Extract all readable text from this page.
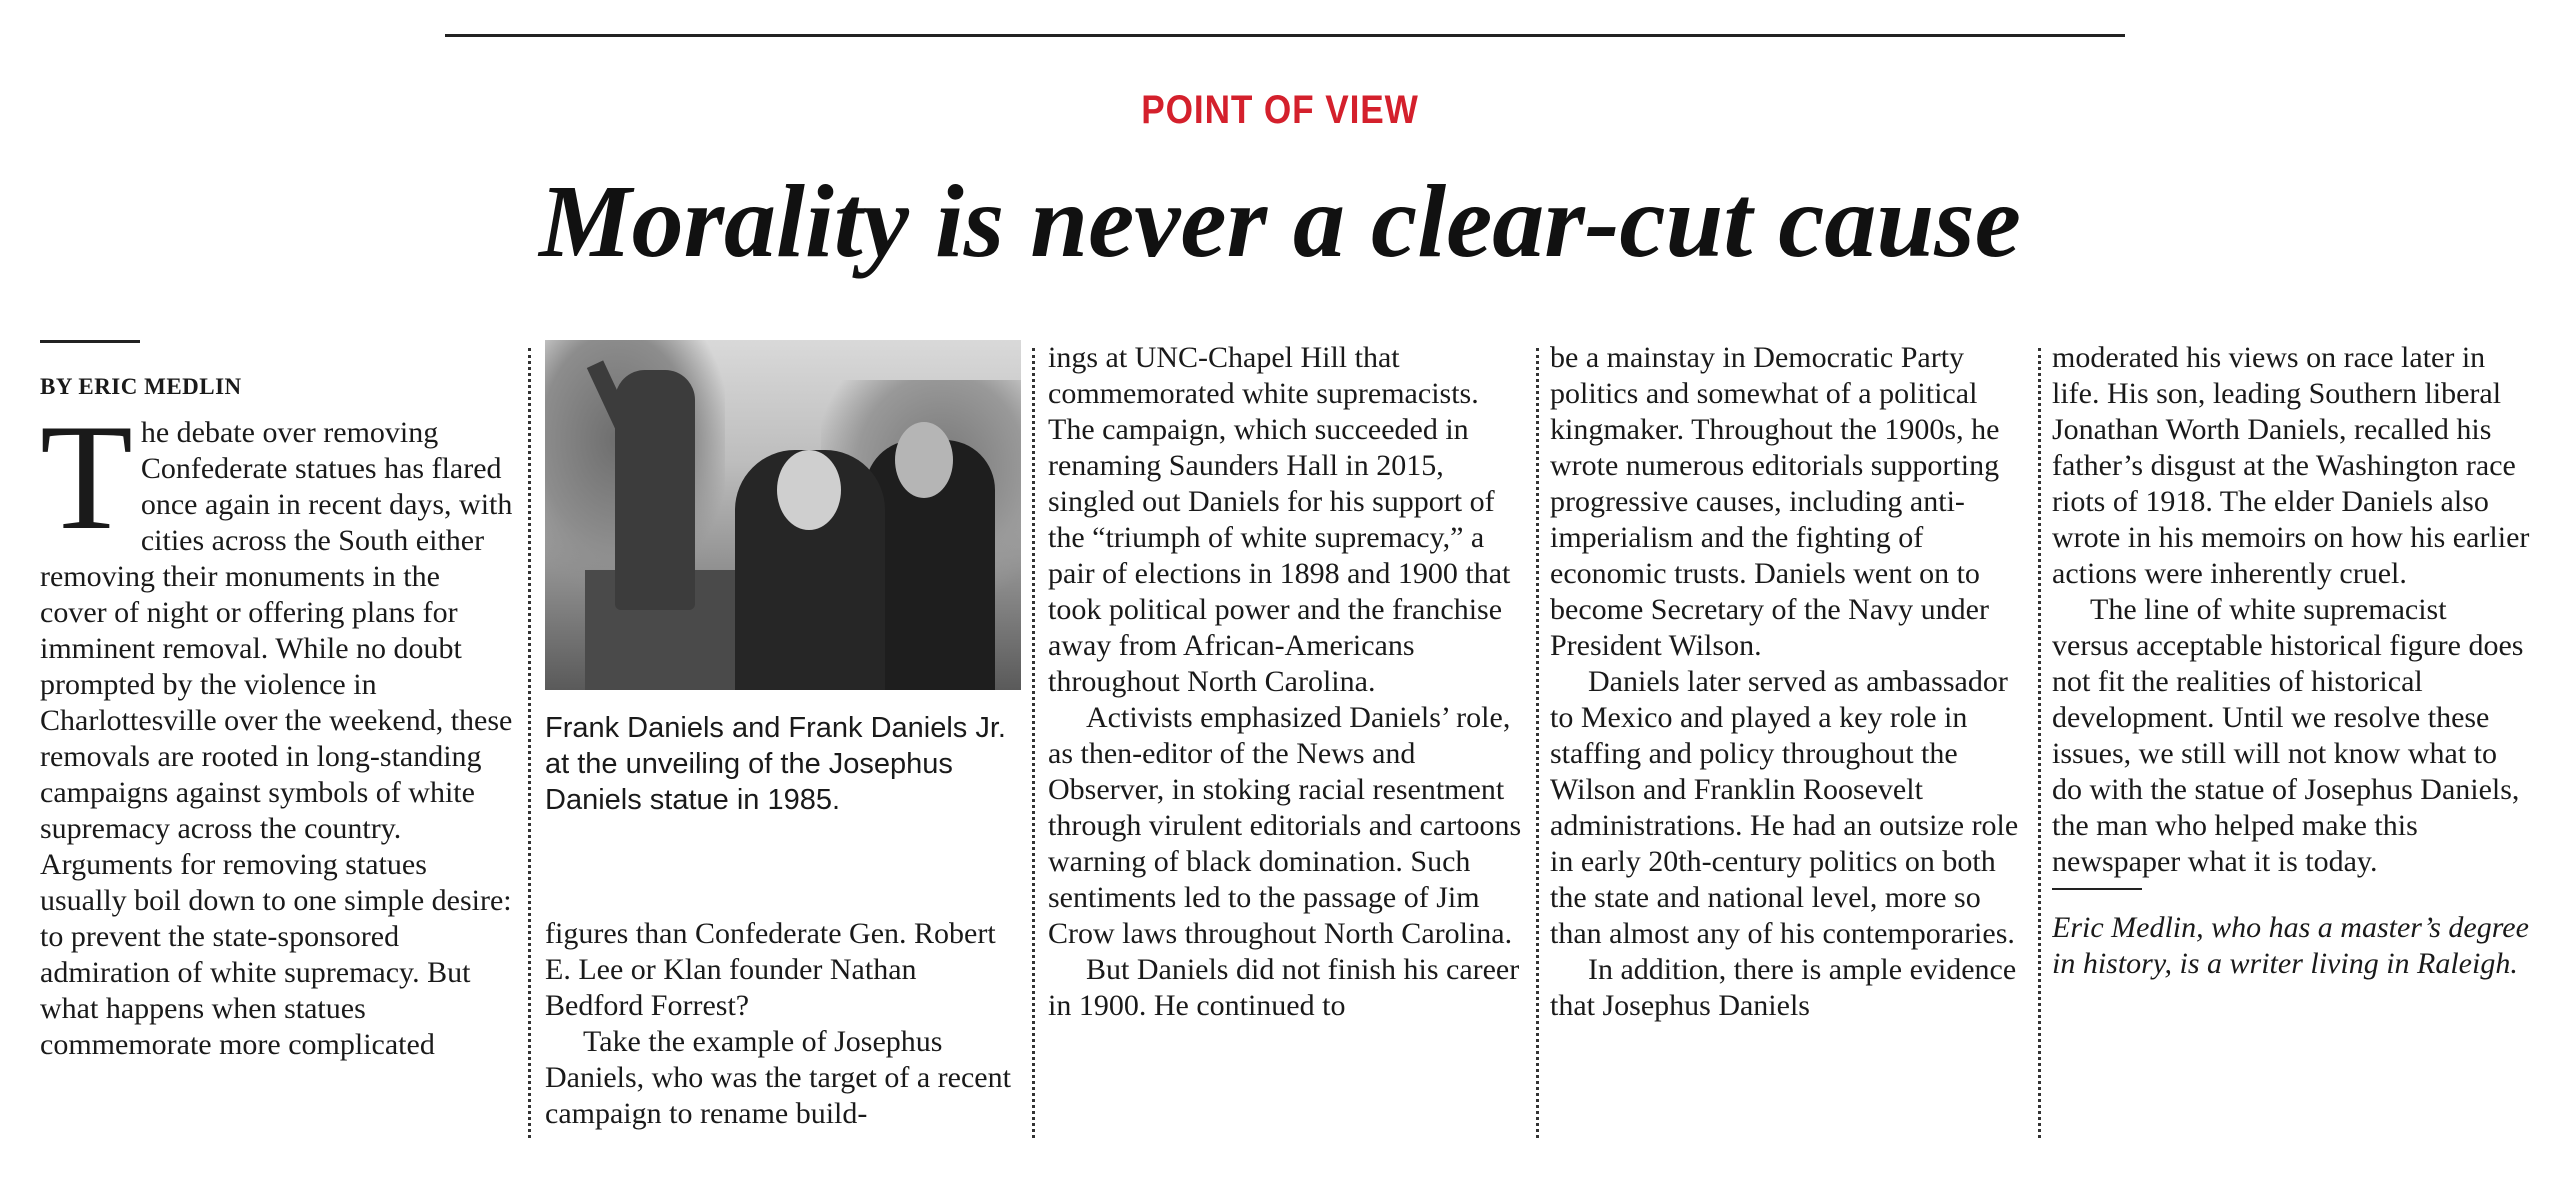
POINT OF VIEW
Morality is never a clear-cut cause
BY ERIC MEDLIN

The debate over removing Confederate statues has flared once again in recent days, with cities across the South either removing their monuments in the cover of night or offering plans for imminent removal. While no doubt prompted by the violence in Charlottesville over the weekend, these removals are rooted in long-standing campaigns against symbols of white supremacy across the country. Arguments for removing statues usually boil down to one simple desire: to prevent the state-sponsored admiration of white supremacy. But what happens when statues commemorate more complicated

Frank Daniels and Frank Daniels Jr. at the unveiling of the Josephus Daniels statue in 1985.

figures than Confederate Gen. Robert E. Lee or Klan founder Nathan Bedford Forrest?

Take the example of Josephus Daniels, who was the target of a recent campaign to rename build-

ings at UNC-Chapel Hill that commemorated white supremacists. The campaign, which succeeded in renaming Saunders Hall in 2015, singled out Daniels for his support of the “triumph of white supremacy,” a pair of elections in 1898 and 1900 that took political power and the franchise away from African-Americans throughout North Carolina.

Activists emphasized Daniels’ role, as then-editor of the News and Observer, in stoking racial resentment through virulent editorials and cartoons warning of black domination. Such sentiments led to the passage of Jim Crow laws throughout North Carolina.

But Daniels did not finish his career in 1900. He continued to

be a mainstay in Democratic Party politics and somewhat of a political kingmaker. Throughout the 1900s, he wrote numerous editorials supporting progressive causes, including anti-imperialism and the fighting of economic trusts. Daniels went on to become Secretary of the Navy under President Wilson.

Daniels later served as ambassador to Mexico and played a key role in staffing and policy throughout the Wilson and Franklin Roosevelt administrations. He had an outsize role in early 20th-century politics on both the state and national level, more so than almost any of his contemporaries.

In addition, there is ample evidence that Josephus Daniels

moderated his views on race later in life. His son, leading Southern liberal Jonathan Worth Daniels, recalled his father’s disgust at the Washington race riots of 1918. The elder Daniels also wrote in his memoirs on how his earlier actions were inherently cruel.

The line of white supremacist versus acceptable historical figure does not fit the realities of historical development. Until we resolve these issues, we still will not know what to do with the statue of Josephus Daniels, the man who helped make this newspaper what it is today.

Eric Medlin, who has a master’s degree in history, is a writer living in Raleigh.
